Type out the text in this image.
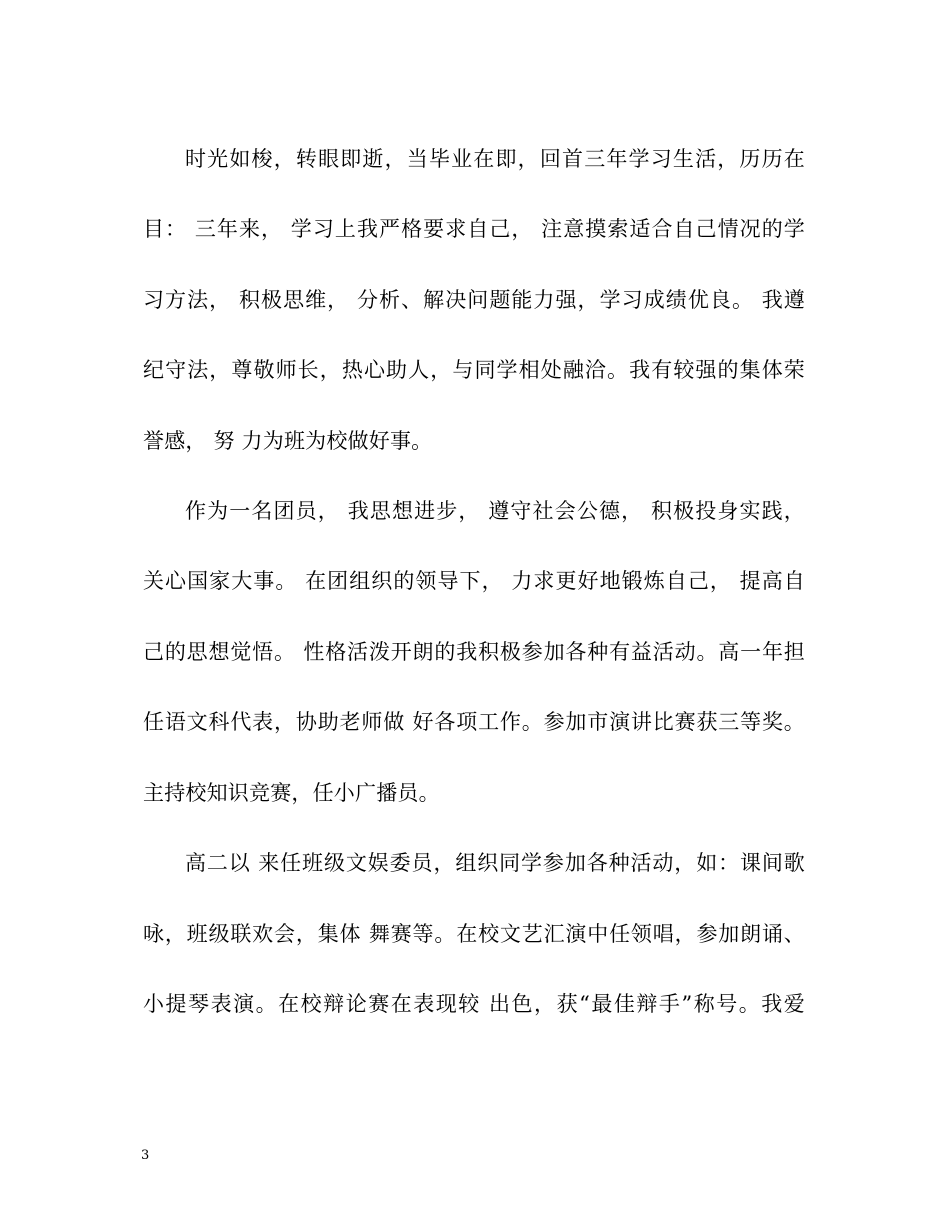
时光如梭，转眼即逝，当毕业在即，回首三年学习生活，历历在
目： 三年来， 学习上我严格要求自己， 注意摸索适合自己情况的学
习方法， 积极思维， 分析、解决问题能力强，学习成绩优良。 我遵
纪守法，尊敬师长，热心助人，与同学相处融洽。我有较强的集体荣
誉感， 努 力为班为校做好事。
作为一名团员， 我思想进步， 遵守社会公德， 积极投身实践，
关心国家大事。 在团组织的领导下， 力求更好地锻炼自己， 提高自
己的思想觉悟。 性格活泼开朗的我积极参加各种有益活动。高一年担
任语文科代表，协助老师做 好各项工作。参加市演讲比赛获三等奖。
主持校知识竞赛，任小广播员。
高二以 来任班级文娱委员，组织同学参加各种活动，如：课间歌
咏，班级联欢会，集体 舞赛等。在校文艺汇演中任领唱，参加朗诵、
小提琴表演。在校辩论赛在表现较 出色，获“最佳辩手”称号。我爱
3
